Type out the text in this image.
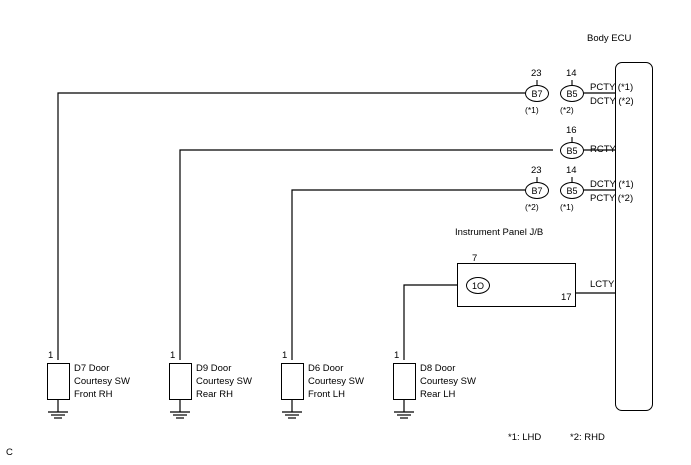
Body ECU
Instrument Panel J/B
23	14
B7	B5
(*1)	(*2)
PCTY (*1)
DCTY (*2)
16
B5	RCTY
23	14
B7	B5
(*2)	(*1)
DCTY (*1)
PCTY (*2)
7
1O
17
LCTY
1
D7 Door
Courtesy SW
Front RH
1
D9 Door
Courtesy SW
Rear RH
1
D6 Door
Courtesy SW
Front LH
1
D8 Door
Courtesy SW
Rear LH
*1: LHD	*2: RHD
C
